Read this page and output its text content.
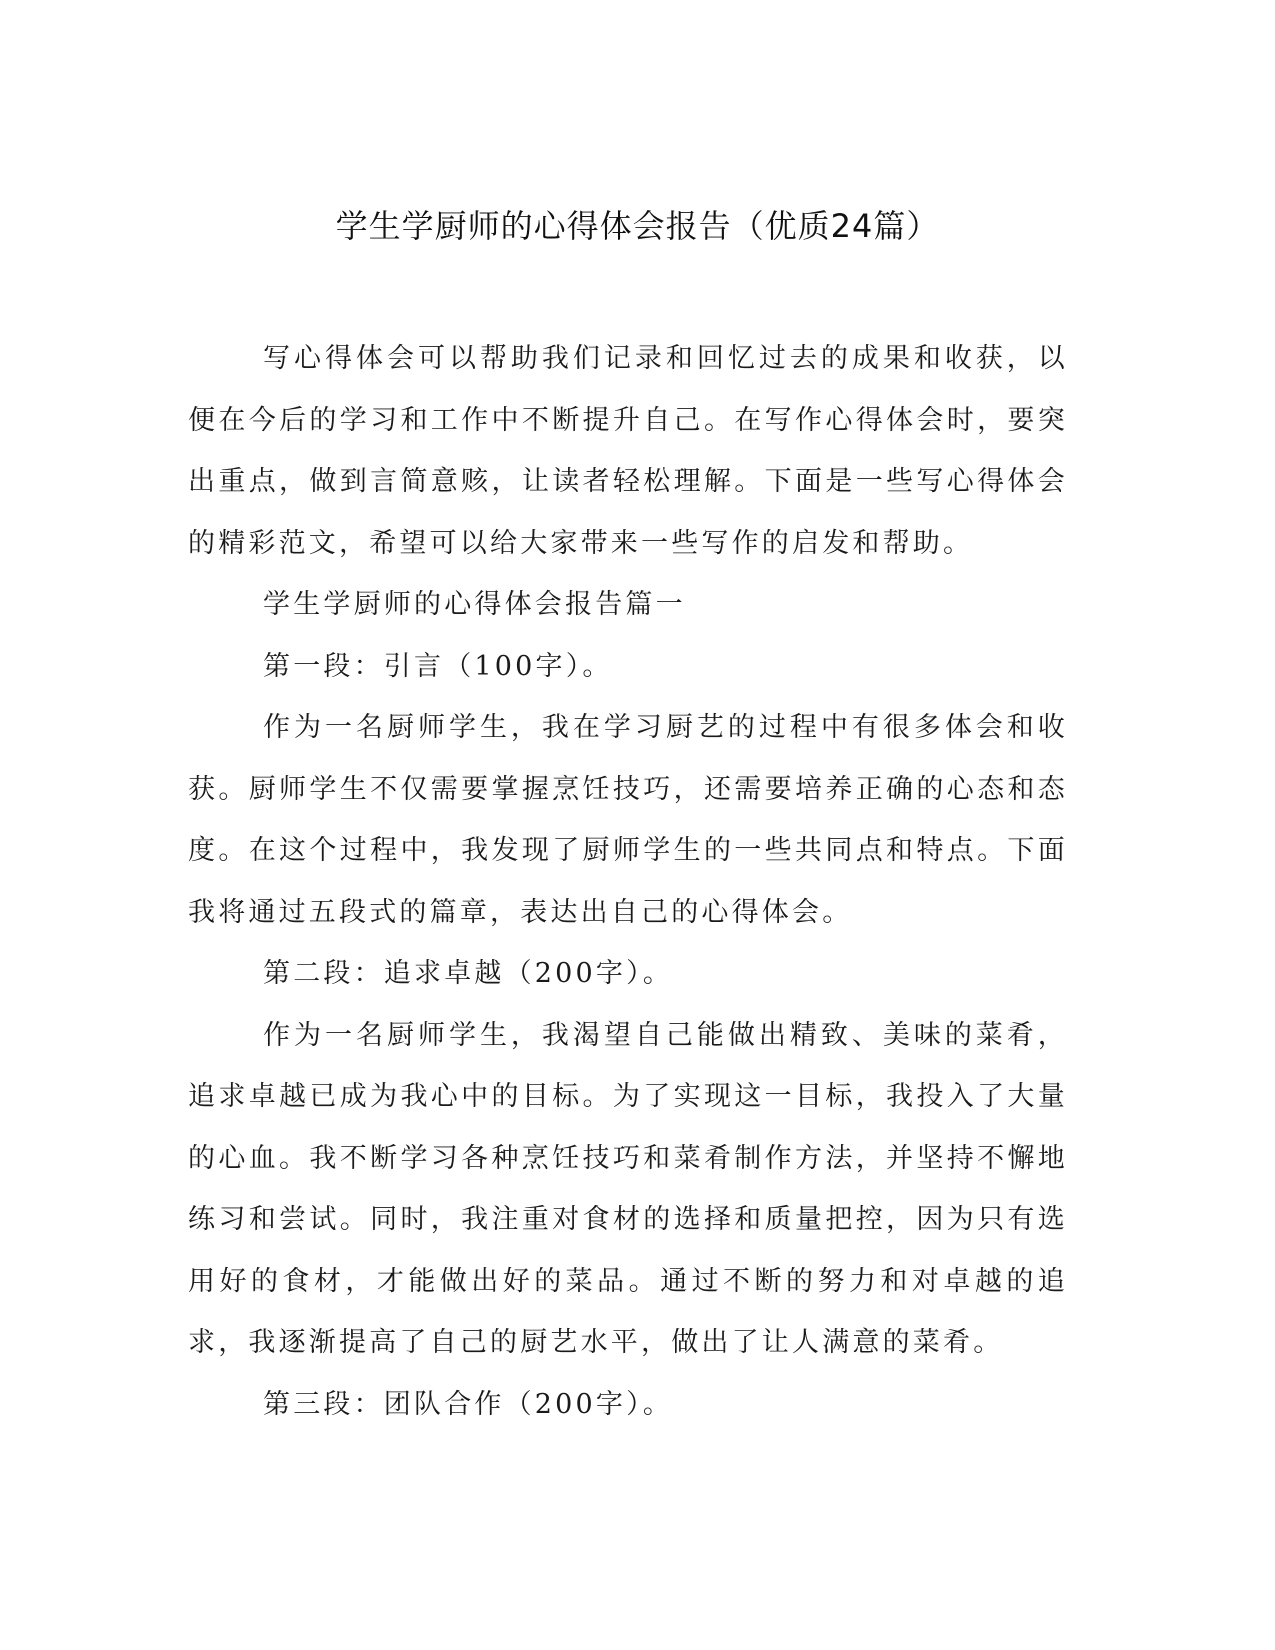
学生学厨师的心得体会报告（优质24篇）

写心得体会可以帮助我们记录和回忆过去的成果和收获，以便在今后的学习和工作中不断提升自己。在写作心得体会时，要突出重点，做到言简意赅，让读者轻松理解。下面是一些写心得体会的精彩范文，希望可以给大家带来一些写作的启发和帮助。

学生学厨师的心得体会报告篇一

第一段：引言（100字）。

作为一名厨师学生，我在学习厨艺的过程中有很多体会和收获。厨师学生不仅需要掌握烹饪技巧，还需要培养正确的心态和态度。在这个过程中，我发现了厨师学生的一些共同点和特点。下面我将通过五段式的篇章，表达出自己的心得体会。

第二段：追求卓越（200字）。

作为一名厨师学生，我渴望自己能做出精致、美味的菜肴，追求卓越已成为我心中的目标。为了实现这一目标，我投入了大量的心血。我不断学习各种烹饪技巧和菜肴制作方法，并坚持不懈地练习和尝试。同时，我注重对食材的选择和质量把控，因为只有选用好的食材，才能做出好的菜品。通过不断的努力和对卓越的追求，我逐渐提高了自己的厨艺水平，做出了让人满意的菜肴。

第三段：团队合作（200字）。
